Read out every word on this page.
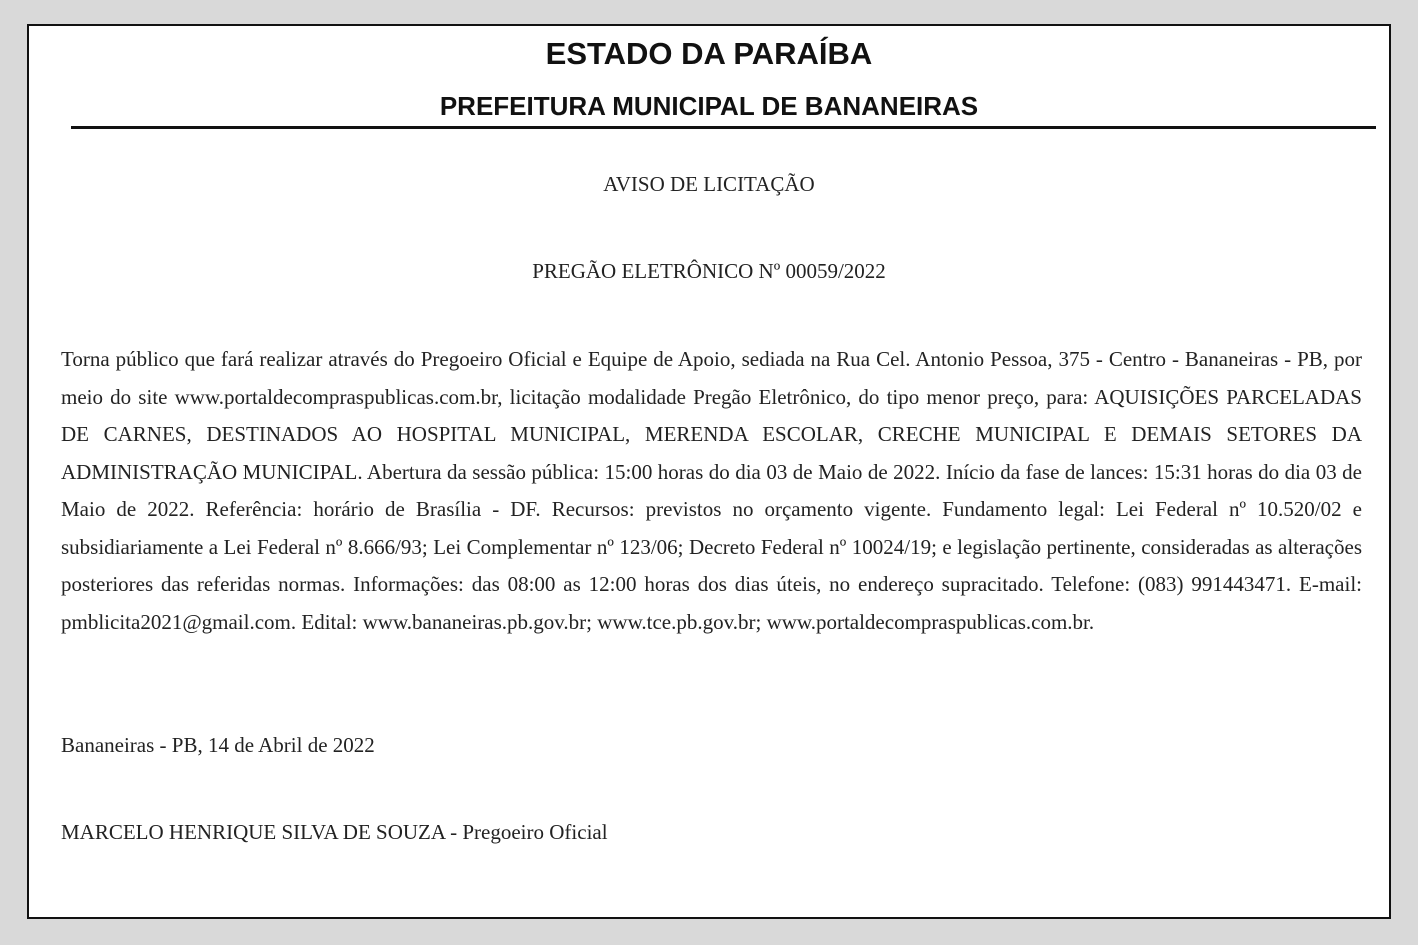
ESTADO DA PARAÍBA
PREFEITURA MUNICIPAL DE BANANEIRAS
AVISO DE LICITAÇÃO
PREGÃO ELETRÔNICO Nº 00059/2022
Torna público que fará realizar através do Pregoeiro Oficial e Equipe de Apoio, sediada na Rua Cel. Antonio Pessoa, 375 - Centro - Bananeiras - PB, por meio do site www.portaldecompraspublicas.com.br, licitação modalidade Pregão Eletrônico, do tipo menor preço, para: AQUISIÇÕES PARCELADAS DE CARNES, DESTINADOS AO HOSPITAL MUNICIPAL, MERENDA ESCOLAR, CRECHE MUNICIPAL E DEMAIS SETORES DA ADMINISTRAÇÃO MUNICIPAL. Abertura da sessão pública: 15:00 horas do dia 03 de Maio de 2022. Início da fase de lances: 15:31 horas do dia 03 de Maio de 2022. Referência: horário de Brasília - DF. Recursos: previstos no orçamento vigente. Fundamento legal: Lei Federal nº 10.520/02 e subsidiariamente a Lei Federal nº 8.666/93; Lei Complementar nº 123/06; Decreto Federal nº 10024/19; e legislação pertinente, consideradas as alterações posteriores das referidas normas. Informações: das 08:00 as 12:00 horas dos dias úteis, no endereço supracitado. Telefone: (083) 991443471. E-mail: pmblicita2021@gmail.com. Edital: www.bananeiras.pb.gov.br; www.tce.pb.gov.br; www.portaldecompraspublicas.com.br.
Bananeiras - PB, 14 de Abril de 2022
MARCELO HENRIQUE SILVA DE SOUZA - Pregoeiro Oficial
